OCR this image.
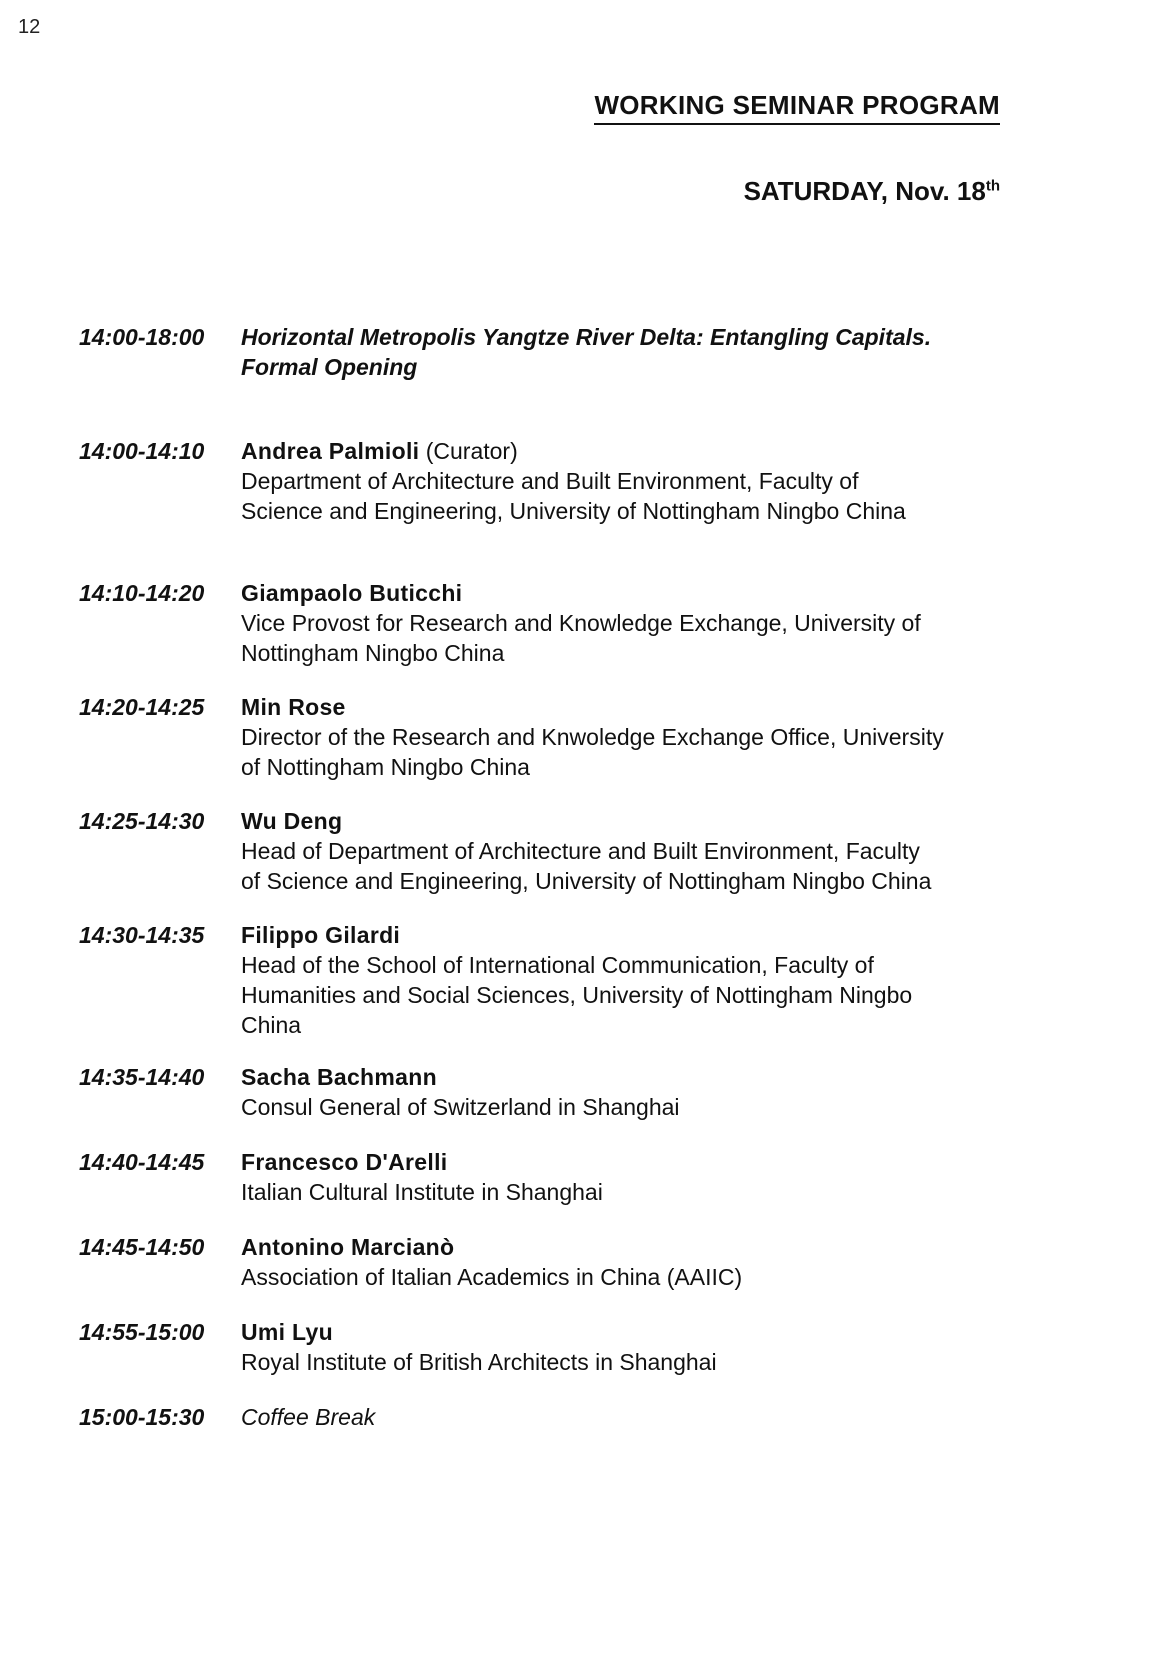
12
WORKING SEMINAR PROGRAM
SATURDAY, Nov. 18th
14:00-18:00	Horizontal Metropolis Yangtze River Delta: Entangling Capitals.
Formal Opening
14:00-14:10	Andrea Palmioli (Curator)
Department of Architecture and Built Environment, Faculty of
Science and Engineering, University of Nottingham Ningbo China
14:10-14:20	Giampaolo Buticchi
Vice Provost for Research and Knowledge Exchange, University of
Nottingham Ningbo China
14:20-14:25	Min Rose
Director of the Research and Knwoledge Exchange Office, University
of Nottingham Ningbo China
14:25-14:30	Wu Deng
Head of Department of Architecture and Built Environment, Faculty
of Science and Engineering, University of Nottingham Ningbo China
14:30-14:35	Filippo Gilardi
Head of the School of International Communication, Faculty of
Humanities and Social Sciences, University of Nottingham Ningbo
China
14:35-14:40	Sacha Bachmann
Consul General of Switzerland in Shanghai
14:40-14:45	Francesco D'Arelli
Italian Cultural Institute in Shanghai
14:45-14:50	Antonino Marcianò
Association of Italian Academics in China (AAIIC)
14:55-15:00	Umi Lyu
Royal Institute of British Architects in Shanghai
15:00-15:30	Coffee Break
